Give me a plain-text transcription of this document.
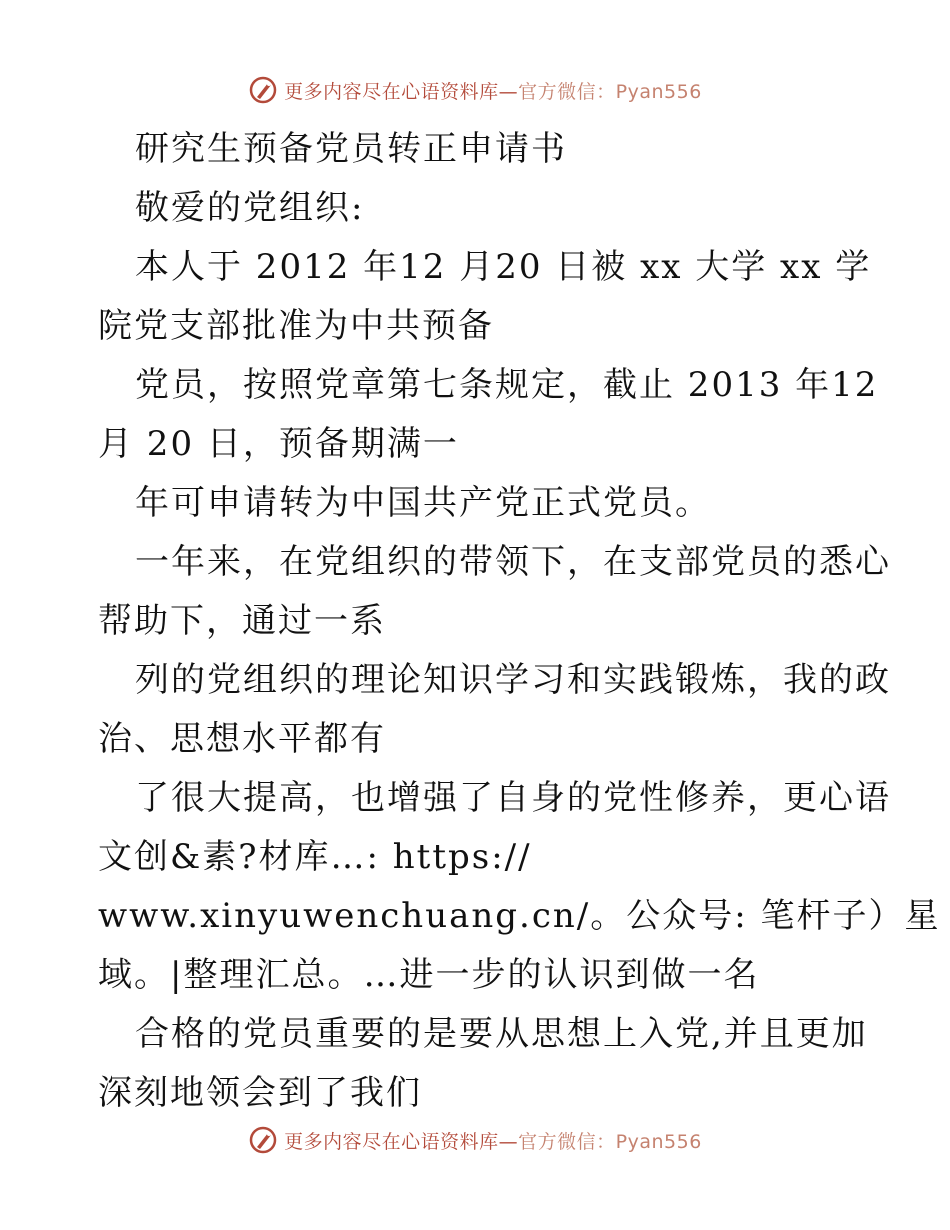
更多内容尽在心语资料库—官方微信：Pyan556
研究生预备党员转正申请书
敬爱的党组织:
本人于 2012 年12 月20 日被 xx 大学 xx 学
院党支部批准为中共预备
党员，按照党章第七条规定，截止 2013 年12
月 20 日，预备期满一
年可申请转为中国共产党正式党员。
一年来，在党组织的带领下，在支部党员的悉心
帮助下，通过一系
列的党组织的理论知识学习和实践锻炼，我的政
治、思想水平都有
了很大提高，也增强了自身的党性修养，更心语
文创&素?材库…: https://
www.xinyuwenchuang.cn/。公众号: 笔杆子）星
域。|整理汇总。…进一步的认识到做一名
合格的党员重要的是要从思想上入党,并且更加
深刻地领会到了我们
更多内容尽在心语资料库—官方微信：Pyan556
